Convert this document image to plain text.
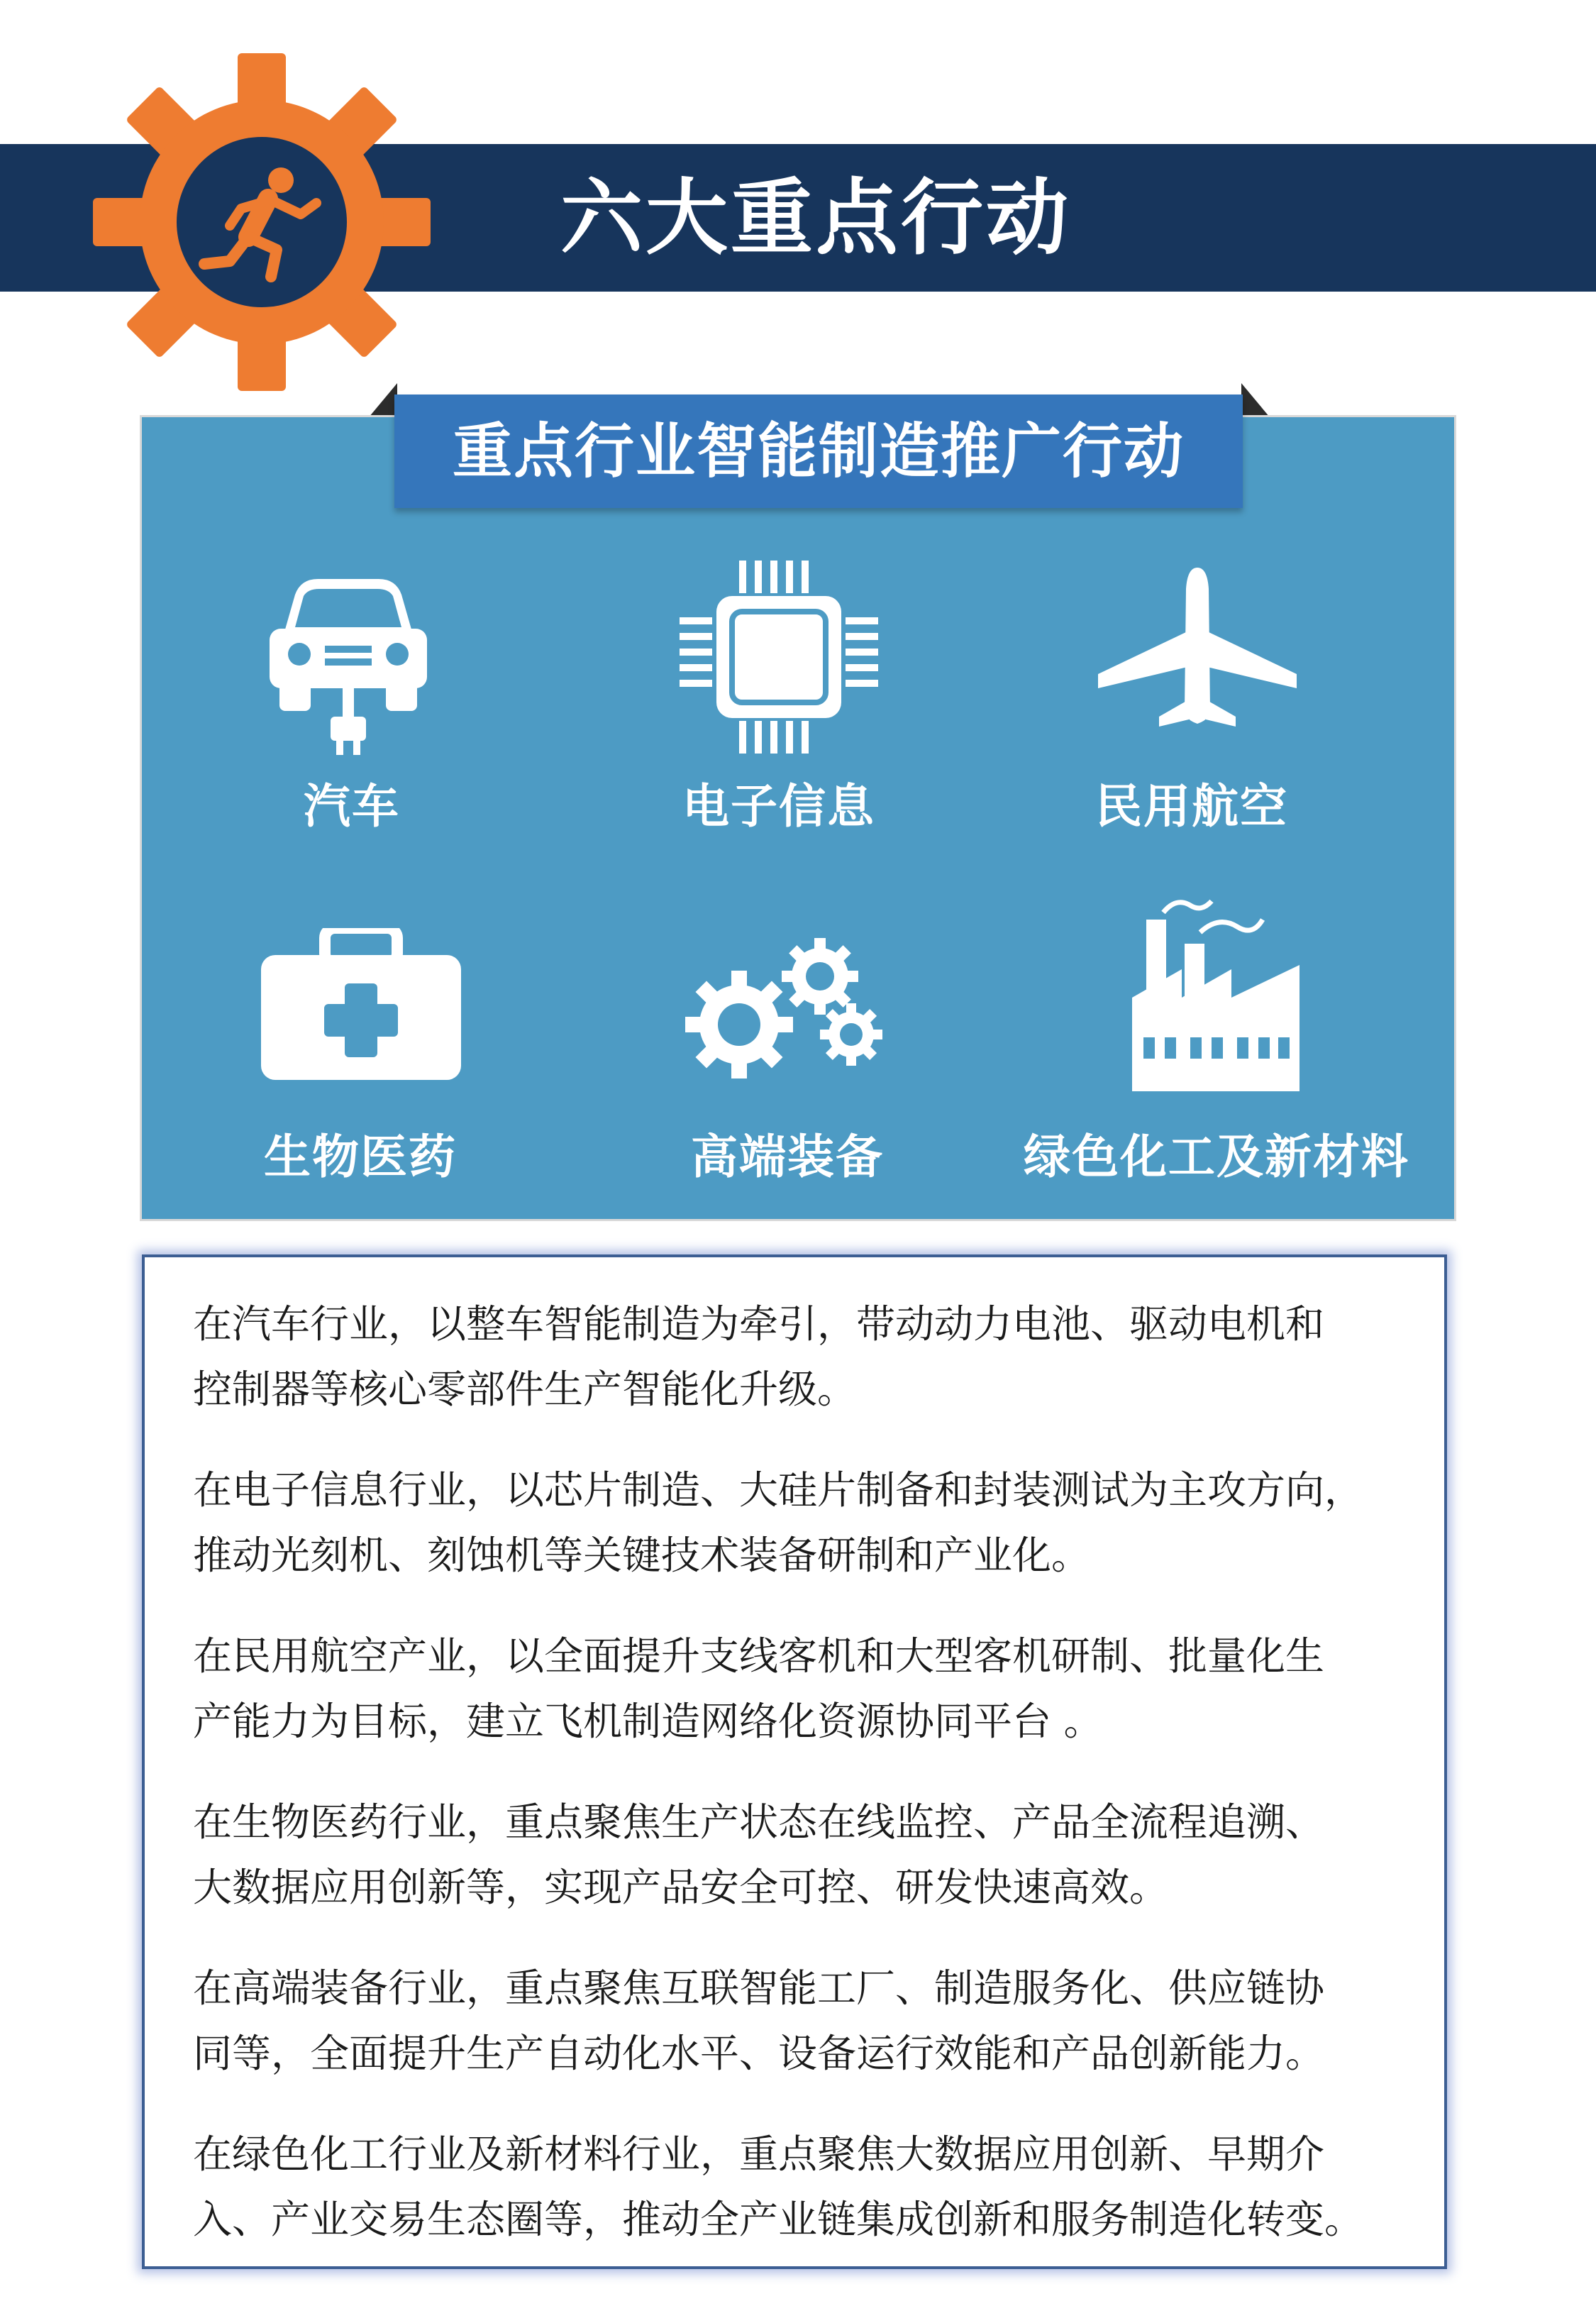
六大重点行动
重点行业智能制造推广行动
汽车	电子信息	民用航空
生物医药	高端装备	绿色化工及新材料

在汽车行业，以整车智能制造为牵引，带动动力电池、驱动电机和
控制器等核心零部件生产智能化升级。

在电子信息行业，以芯片制造、大硅片制备和封装测试为主攻方向，
推动光刻机、刻蚀机等关键技术装备研制和产业化。

在民用航空产业，以全面提升支线客机和大型客机研制、批量化生
产能力为目标，建立飞机制造网络化资源协同平台 。

在生物医药行业，重点聚焦生产状态在线监控、产品全流程追溯、
大数据应用创新等，实现产品安全可控、研发快速高效。

在高端装备行业，重点聚焦互联智能工厂、制造服务化、供应链协
同等，全面提升生产自动化水平、设备运行效能和产品创新能力。

在绿色化工行业及新材料行业，重点聚焦大数据应用创新、早期介
入、产业交易生态圈等，推动全产业链集成创新和服务制造化转变。
